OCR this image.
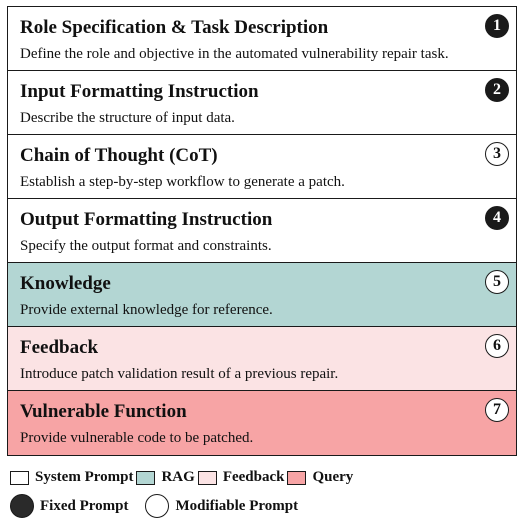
Role Specification & Task Description
Define the role and objective in the automated vulnerability repair task.
1
Input Formatting Instruction
Describe the structure of input data.
2
Chain of Thought (CoT)
Establish a step-by-step workflow to generate a patch.
3
Output Formatting Instruction
Specify the output format and constraints.
4
Knowledge
Provide external knowledge for reference.
5
Feedback
Introduce patch validation result of a previous repair.
6
Vulnerable Function
Provide vulnerable code to be patched.
7
System Prompt RAG Feedback Query
Fixed Prompt	Modifiable Prompt
